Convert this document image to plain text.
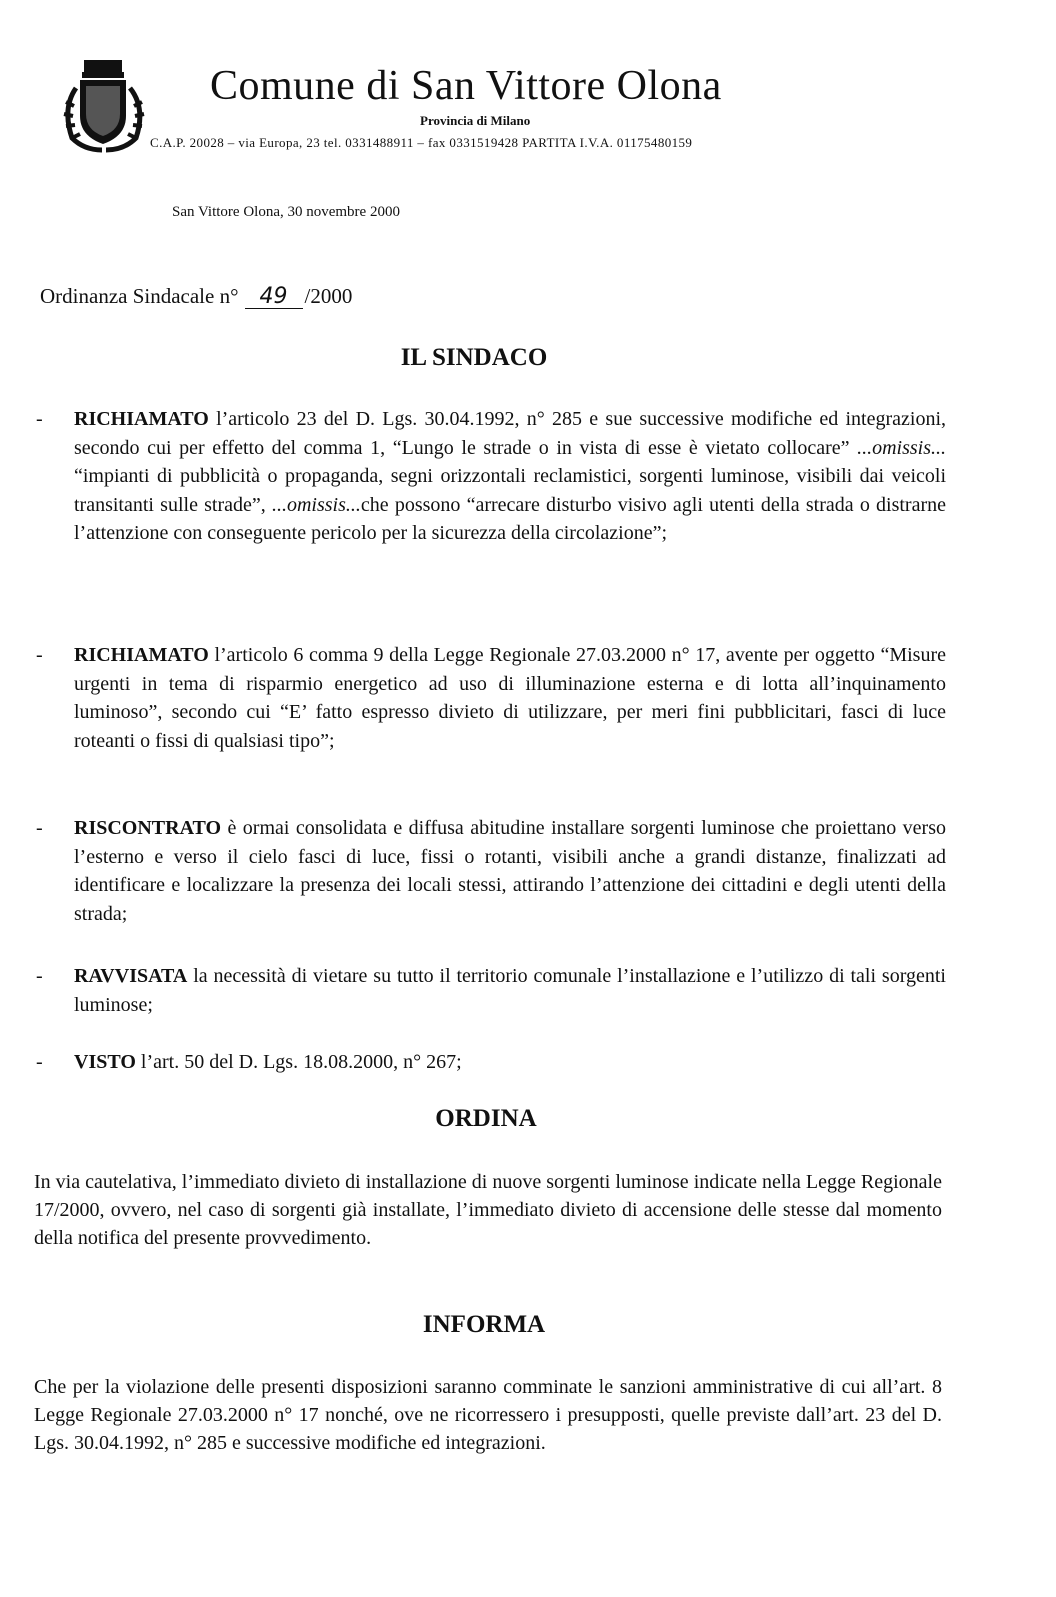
Comune di San Vittore Olona
Provincia di Milano
C.A.P. 20028 – via Europa, 23 tel. 0331488911 – fax 0331519428 PARTITA I.V.A. 01175480159
San Vittore Olona, 30 novembre 2000
Ordinanza Sindacale n° 49 /2000
IL SINDACO
- RICHIAMATO l’articolo 23 del D. Lgs. 30.04.1992, n° 285 e sue successive modifiche ed integrazioni, secondo cui per effetto del comma 1, “Lungo le strade o in vista di esse è vietato collocare” ...omissis... “impianti di pubblicità o propaganda, segni orizzontali reclamistici, sorgenti luminose, visibili dai veicoli transitanti sulle strade”, ...omissis...che possono “arrecare disturbo visivo agli utenti della strada o distrarne l’attenzione con conseguente pericolo per la sicurezza della circolazione”;
- RICHIAMATO l’articolo 6 comma 9 della Legge Regionale 27.03.2000 n° 17, avente per oggetto “Misure urgenti in tema di risparmio energetico ad uso di illuminazione esterna e di lotta all’inquinamento luminoso”, secondo cui “E’ fatto espresso divieto di utilizzare, per meri fini pubblicitari, fasci di luce roteanti o fissi di qualsiasi tipo”;
- RISCONTRATO è ormai consolidata e diffusa abitudine installare sorgenti luminose che proiettano verso l’esterno e verso il cielo fasci di luce, fissi o rotanti, visibili anche a grandi distanze, finalizzati ad identificare e localizzare la presenza dei locali stessi, attirando l’attenzione dei cittadini e degli utenti della strada;
- RAVVISATA la necessità di vietare su tutto il territorio comunale l’installazione e l’utilizzo di tali sorgenti luminose;
- VISTO l’art. 50 del D. Lgs. 18.08.2000, n° 267;
ORDINA
In via cautelativa, l’immediato divieto di installazione di nuove sorgenti luminose indicate nella Legge Regionale 17/2000, ovvero, nel caso di sorgenti già installate, l’immediato divieto di accensione delle stesse dal momento della notifica del presente provvedimento.
INFORMA
Che per la violazione delle presenti disposizioni saranno comminate le sanzioni amministrative di cui all’art. 8 Legge Regionale 27.03.2000 n° 17 nonché, ove ne ricorressero i presupposti, quelle previste dall’art. 23 del D. Lgs. 30.04.1992, n° 285 e successive modifiche ed integrazioni.
